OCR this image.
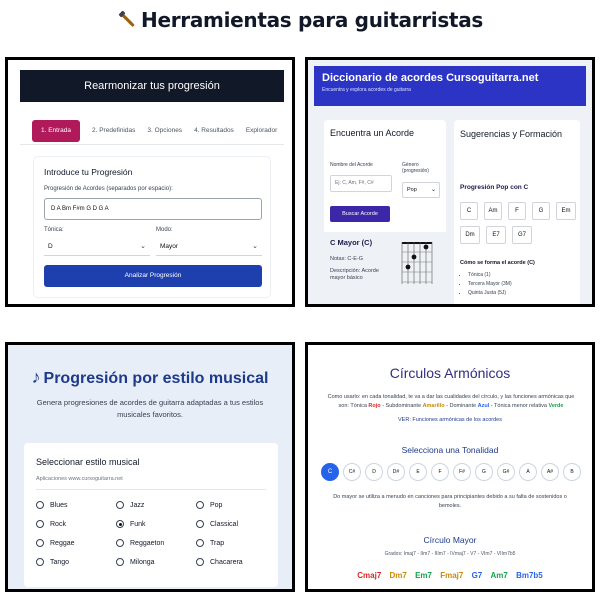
Herramientas para guitarristas
Rearmonizar tus progresión
1. Entrada	2. Predefinidas	3. Opciones	4. Resultados	Explorador
Introduce tu Progresión
Progresión de Acordes (separados por espacio):
D A Bm F#m G D G A
Tónica:	Modo:
D	⌄	Mayor	⌄
Analizar Progresión
Diccionario de acordes Cursoguitarra.net
Encuentra y explora acordes de guitarra
Encuentra un Acorde
Nombre del Acorde	Género (progresión)
Ej: C, Am, F#, C#
Pop ⌄
Buscar Acorde
C Mayor (C)
Notas: C-E-G
Descripción: Acorde mayor básico
Sugerencias y Formación
Progresión Pop con C
C	Am	F	G	Em
Dm	E7	G7
Cómo se forma el acorde (C)
• Tónica (1)
• Tercera Mayor (3M)
• Quinta Justa (5J)
♪ Progresión por estilo musical
Genera progresiones de acordes de guitarra adaptadas a tus estilos musicales favoritos.
Seleccionar estilo musical
Aplicaciones www.cursoguitarra.net
Blues	Jazz	Pop
Rock	Funk	Classical
Reggae	Reggaeton	Trap
Tango	Milonga	Chacarera
Círculos Armónicos
Como usarlo: en cada tonalidad, te va a dar las cualidades del círculo, y las funciones armónicas que son: Tónica Rojo - Subdominante Amarillo - Dominante Azul - Tónica menor relativa Verde
VER: Funciones armónicas de los acordes
Selecciona una Tonalidad
C	C#	D	D#	E	F	F#	G	G#	A	A#	B
Do mayor se utiliza a menudo en canciones para principiantes debido a su falta de sostenidos o bemoles.
Círculo Mayor
Grados: Imaj7 - IIm7 - IIIm7 - IVmaj7 - V7 - VIm7 - VIIm7b5
Cmaj7 Dm7 Em7 Fmaj7 G7 Am7 Bm7b5
